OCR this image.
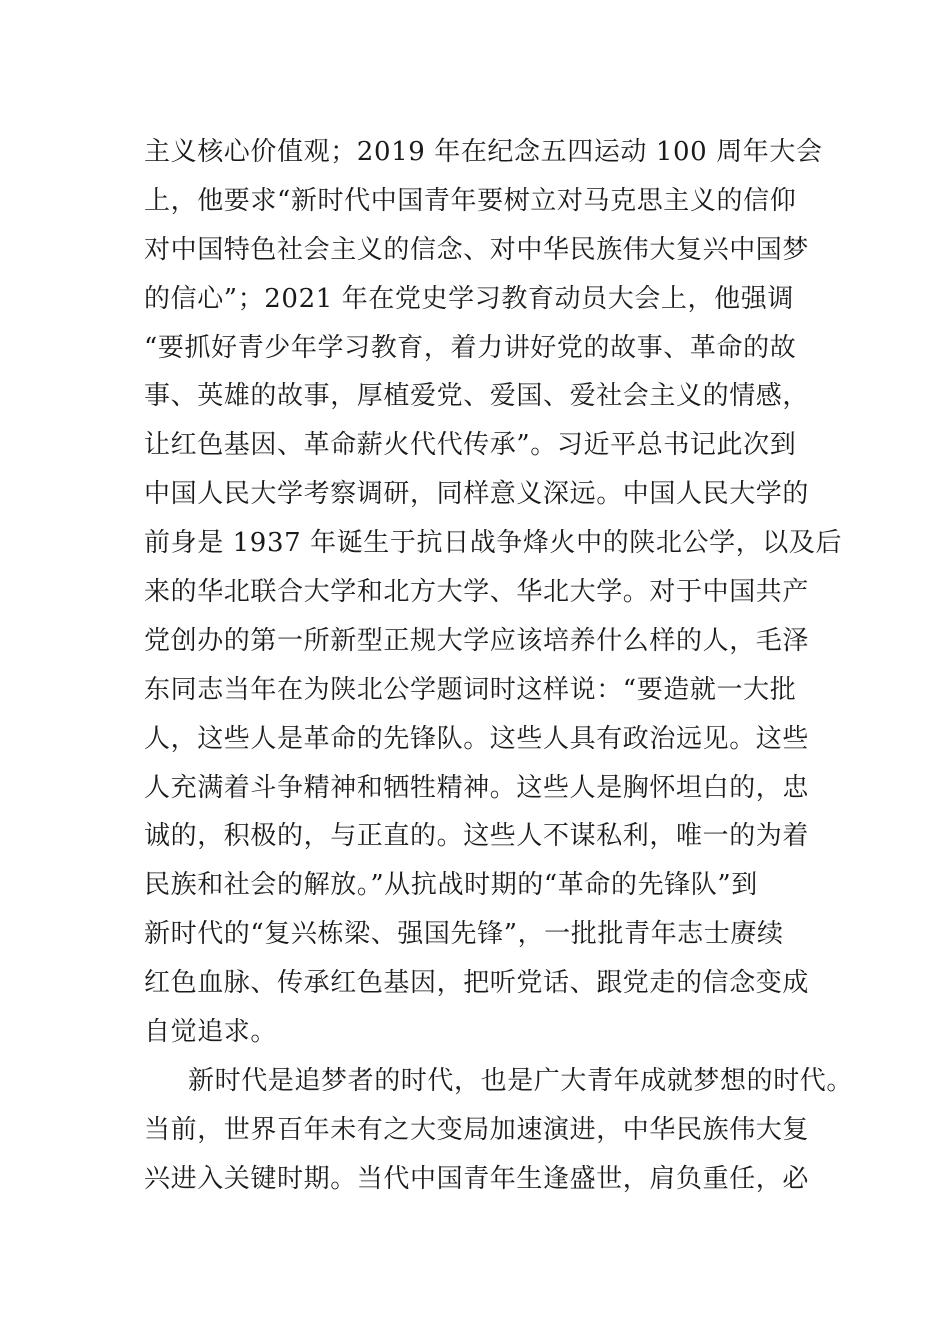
主义核心价值观；2019 年在纪念五四运动 100 周年大会
上，他要求“新时代中国青年要树立对马克思主义的信仰
对中国特色社会主义的信念、对中华民族伟大复兴中国梦
的信心”；2021 年在党史学习教育动员大会上，他强调
“要抓好青少年学习教育，着力讲好党的故事、革命的故
事、英雄的故事，厚植爱党、爱国、爱社会主义的情感，
让红色基因、革命薪火代代传承”。习近平总书记此次到
中国人民大学考察调研，同样意义深远。中国人民大学的
前身是 1937 年诞生于抗日战争烽火中的陕北公学，以及后
来的华北联合大学和北方大学、华北大学。对于中国共产
党创办的第一所新型正规大学应该培养什么样的人，毛泽
东同志当年在为陕北公学题词时这样说：“要造就一大批
人，这些人是革命的先锋队。这些人具有政治远见。这些
人充满着斗争精神和牺牲精神。这些人是胸怀坦白的，忠
诚的，积极的，与正直的。这些人不谋私利，唯一的为着
民族和社会的解放。”从抗战时期的“革命的先锋队”到
新时代的“复兴栋梁、强国先锋”，一批批青年志士赓续
红色血脉、传承红色基因，把听党话、跟党走的信念变成
自觉追求。
新时代是追梦者的时代，也是广大青年成就梦想的时代。
当前，世界百年未有之大变局加速演进，中华民族伟大复
兴进入关键时期。当代中国青年生逢盛世，肩负重任，必
